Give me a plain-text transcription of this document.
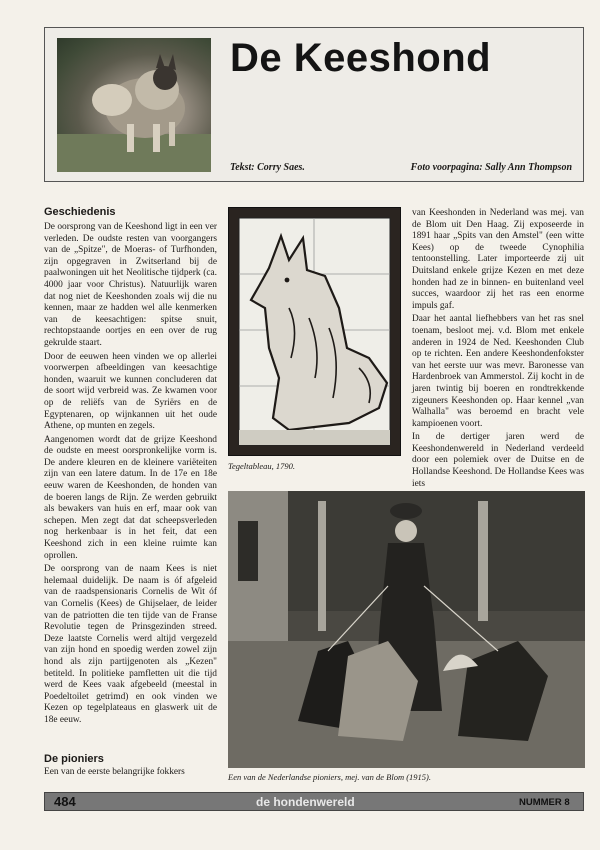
De Keeshond
Tekst: Corry Saes.	Foto voorpagina: Sally Ann Thompson
Geschiedenis

De oorsprong van de Keeshond ligt in een ver verleden. De oudste resten van voorgangers van de „Spitze", de Moeras- of Turfhonden, zijn opgegraven in Zwitserland bij de paalwoningen uit het Neolitische tijdperk (ca. 4000 jaar voor Christus). Natuurlijk waren dat nog niet de Keeshonden zoals wij die nu kennen, maar ze hadden wel alle kenmerken van de keesachtigen: spitse snuit, rechtopstaande oortjes en een over de rug gekrulde staart.

Door de eeuwen heen vinden we op allerlei voorwerpen afbeeldingen van keesachtige honden, waaruit we kunnen concluderen dat de soort wijd verbreid was. Ze kwamen voor op de reliëfs van de Syriërs en de Egyptenaren, op wijnkannen uit het oude Athene, op munten en zegels.

Aangenomen wordt dat de grijze Keeshond de oudste en meest oorspronkelijke vorm is. De andere kleuren en de kleinere variëteiten zijn van een latere datum. In de 17e en 18e eeuw waren de Keeshonden, de honden van de boeren langs de Rijn. Ze werden gebruikt als bewakers van huis en erf, maar ook van schepen. Men zegt dat dat scheepsverleden nog herkenbaar is in het feit, dat een Keeshond zich in een kleine ruimte kan oprollen.

De oorsprong van de naam Kees is niet helemaal duidelijk. De naam is óf afgeleid van de raadspensionaris Cornelis de Wit óf van Cornelis (Kees) de Ghijselaer, de leider van de patriotten die ten tijde van de Franse Revolutie tegen de Prinsgezinden streed. Deze laatste Cornelis werd altijd vergezeld van zijn hond en spoedig werden zowel zijn hond als zijn partijgenoten als „Kezen" betiteld. In politieke pamfletten uit die tijd werd de Kees vaak afgebeeld (meestal in Poedeltoilet getrimd) en ook vinden we Kezen op tegelplateaus en glaswerk uit de 18e eeuw.

De pioniers
Een van de eerste belangrijke fokkers
Tegeltableau, 1790.

van Keeshonden in Nederland was mej. van de Blom uit Den Haag. Zij exposeerde in 1891 haar „Spits van den Amstel" (een witte Kees) op de tweede Cynophilia tentoonstelling. Later importeerde zij uit Duitsland enkele grijze Kezen en met deze honden had ze in binnen- en buitenland veel succes, waardoor zij het ras een enorme impuls gaf.

Daar het aantal liefhebbers van het ras snel toenam, besloot mej. v.d. Blom met enkele anderen in 1924 de Ned. Keeshonden Club op te richten. Een andere Keeshondenfokster van het eerste uur was mevr. Baronesse van Hardenbroek van Ammerstol. Zij kocht in de jaren twintig bij boeren en rondtrekkende zigeuners Keeshonden op. Haar kennel „van Walhalla" was beroemd en bracht vele kampioenen voort.

In de dertiger jaren werd de Keeshondenwereld in Nederland verdeeld door een polemiek over de Duitse en de Hollandse Keeshond. De Hollandse Kees was iets

Een van de Nederlandse pioniers, mej. van de Blom (1915).
484	de hondenwereld	NUMMER 8
